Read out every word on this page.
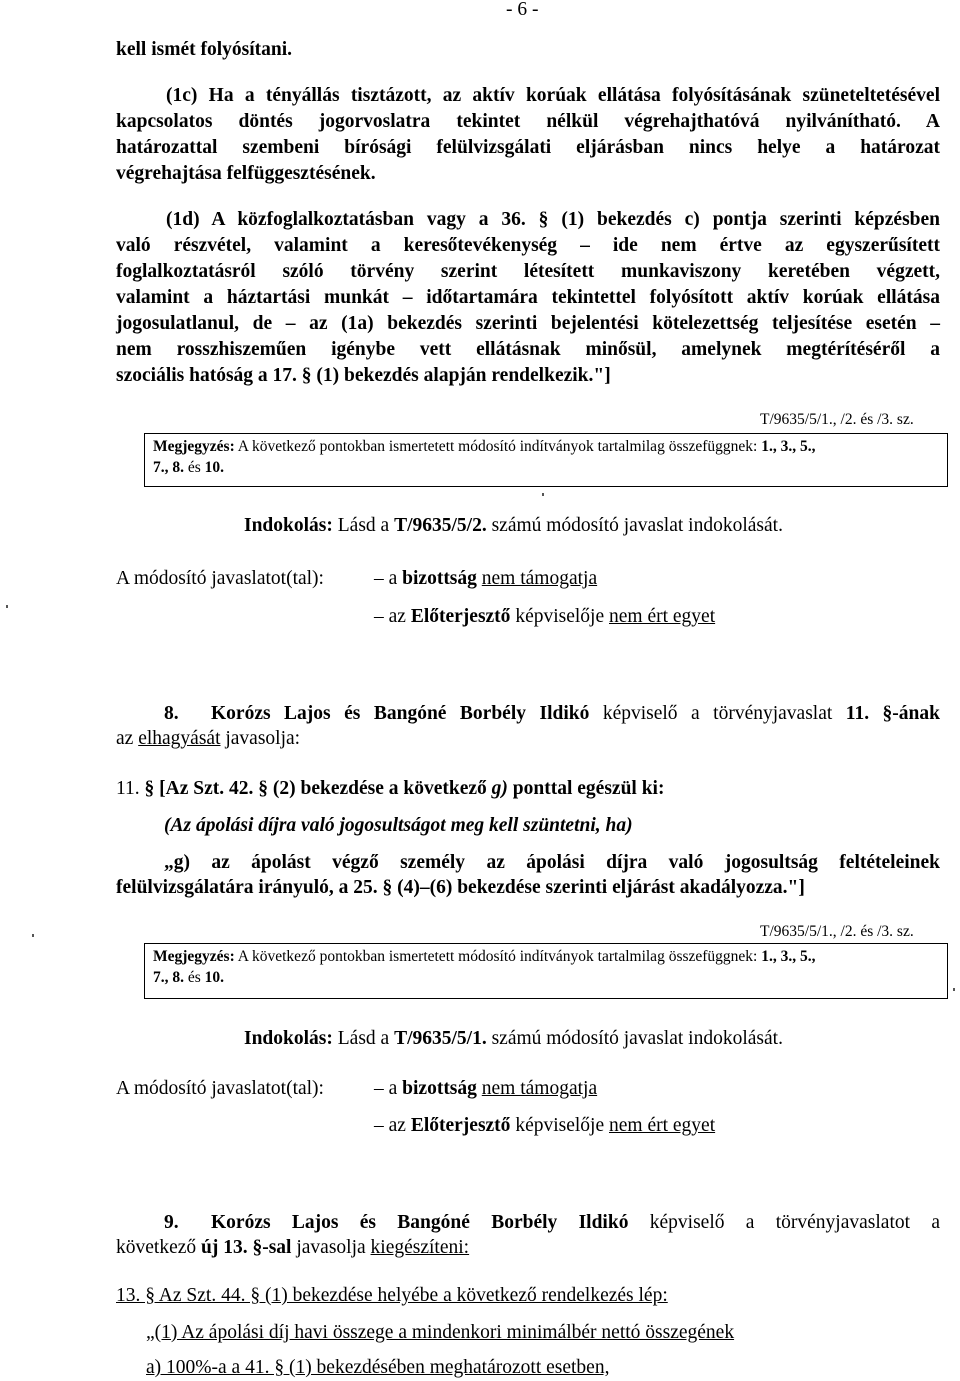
- 6 -
kell ismét folyósítani.
(1c) Ha a tényállás tisztázott, az aktív korúak ellátása folyósításának szüneteltetésével
kapcsolatos döntés jogorvoslatra tekintet nélkül végrehajthatóvá nyilvánítható. A
határozattal szembeni bírósági felülvizsgálati eljárásban nincs helye a határozat
végrehajtása felfüggesztésének.
(1d) A közfoglalkoztatásban vagy a 36. § (1) bekezdés c) pontja szerinti képzésben
való részvétel, valamint a keresőtevékenység – ide nem értve az egyszerűsített
foglalkoztatásról szóló törvény szerint létesített munkaviszony keretében végzett,
valamint a háztartási munkát – időtartamára tekintettel folyósított aktív korúak ellátása
jogosulatlanul, de – az (1a) bekezdés szerinti bejelentési kötelezettség teljesítése esetén –
nem rosszhiszeműen igénybe vett ellátásnak minősül, amelynek megtérítéséről a
szociális hatóság a 17. § (1) bekezdés alapján rendelkezik."]
T/9635/5/1., /2. és /3. sz.
Megjegyzés: A következő pontokban ismertetett módosító indítványok tartalmilag összefüggnek: 1., 3., 5.,
7., 8. és 10.
Indokolás: Lásd a T/9635/5/2. számú módosító javaslat indokolását.
A módosító javaslatot(tal):	– a bizottság nem támogatja
– az Előterjesztő képviselője nem ért egyet
8. Korózs Lajos és Bangóné Borbély Ildikó képviselő a törvényjavaslat 11. §-ának
az elhagyását javasolja:
11. § [Az Szt. 42. § (2) bekezdése a következő g) ponttal egészül ki:
(Az ápolási díjra való jogosultságot meg kell szüntetni, ha)
„g) az ápolást végző személy az ápolási díjra való jogosultság feltételeinek
felülvizsgálatára irányuló, a 25. § (4)–(6) bekezdése szerinti eljárást akadályozza."]
T/9635/5/1., /2. és /3. sz.
Megjegyzés: A következő pontokban ismertetett módosító indítványok tartalmilag összefüggnek: 1., 3., 5.,
7., 8. és 10.
Indokolás: Lásd a T/9635/5/1. számú módosító javaslat indokolását.
A módosító javaslatot(tal):	– a bizottság nem támogatja
– az Előterjesztő képviselője nem ért egyet
9. Korózs Lajos és Bangóné Borbély Ildikó képviselő a törvényjavaslatot a
következő új 13. §-sal javasolja kiegészíteni:
13. § Az Szt. 44. § (1) bekezdése helyébe a következő rendelkezés lép:
„(1) Az ápolási díj havi összege a mindenkori minimálbér nettó összegének
a) 100%-a a 41. § (1) bekezdésében meghatározott esetben,
